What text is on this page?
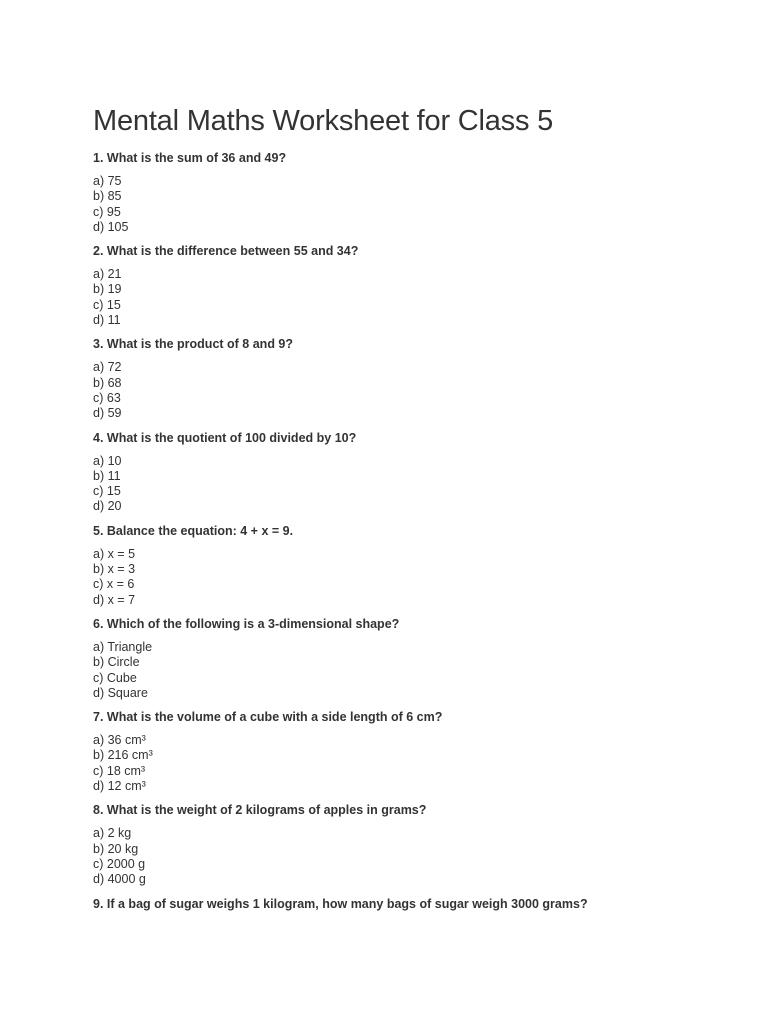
Mental Maths Worksheet for Class 5

1. What is the sum of 36 and 49?

a) 75
b) 85
c) 95
d) 105

2. What is the difference between 55 and 34?

a) 21
b) 19
c) 15
d) 11

3. What is the product of 8 and 9?

a) 72
b) 68
c) 63
d) 59

4. What is the quotient of 100 divided by 10?

a) 10
b) 11
c) 15
d) 20

5. Balance the equation: 4 + x = 9.

a) x = 5
b) x = 3
c) x = 6
d) x = 7

6. Which of the following is a 3-dimensional shape?

a) Triangle
b) Circle
c) Cube
d) Square

7. What is the volume of a cube with a side length of 6 cm?

a) 36 cm³
b) 216 cm³
c) 18 cm³
d) 12 cm³

8. What is the weight of 2 kilograms of apples in grams?

a) 2 kg
b) 20 kg
c) 2000 g
d) 4000 g

9. If a bag of sugar weighs 1 kilogram, how many bags of sugar weigh 3000 grams?
